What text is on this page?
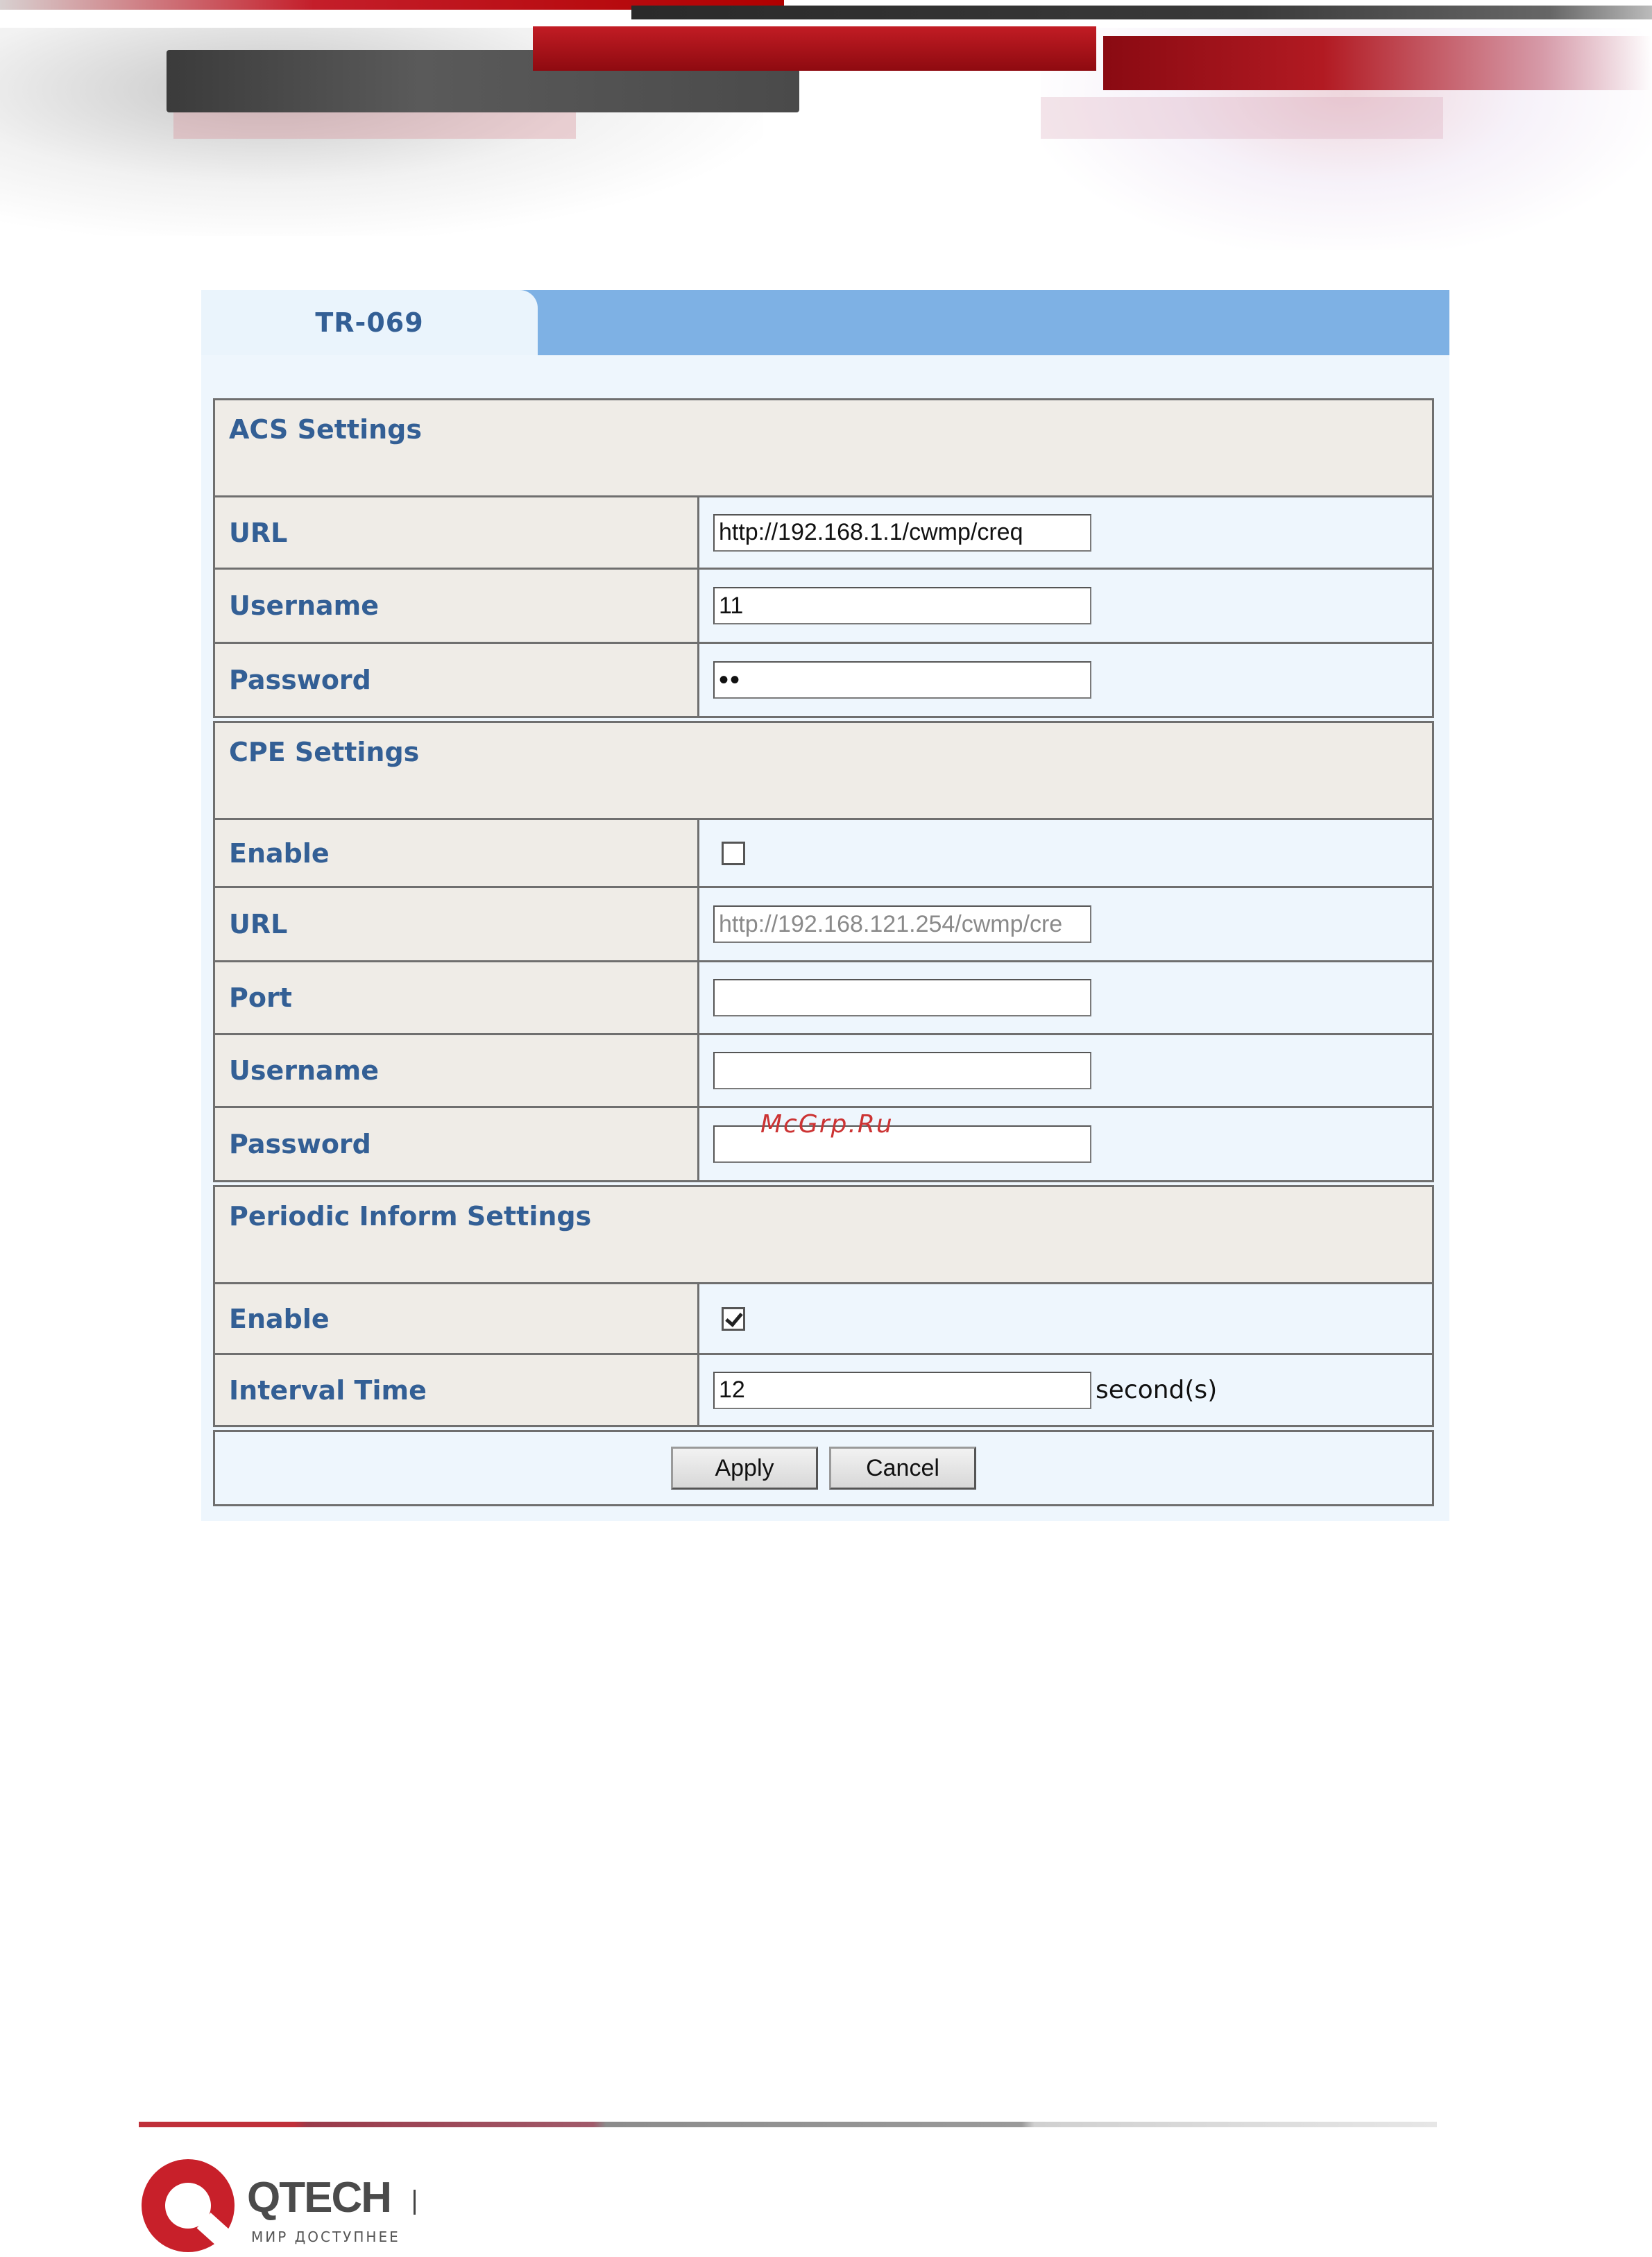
TR-069
ACS Settings
URL
http://192.168.1.1/cwmp/creq
Username
11
Password
••
CPE Settings
Enable
URL
http://192.168.121.254/cwmp/cre
Port
Username
Password
Periodic Inform Settings
Enable
Interval Time
12	second(s)
Apply	Cancel
McGrp.Ru
QTECH
МИР ДОСТУПНЕЕ
